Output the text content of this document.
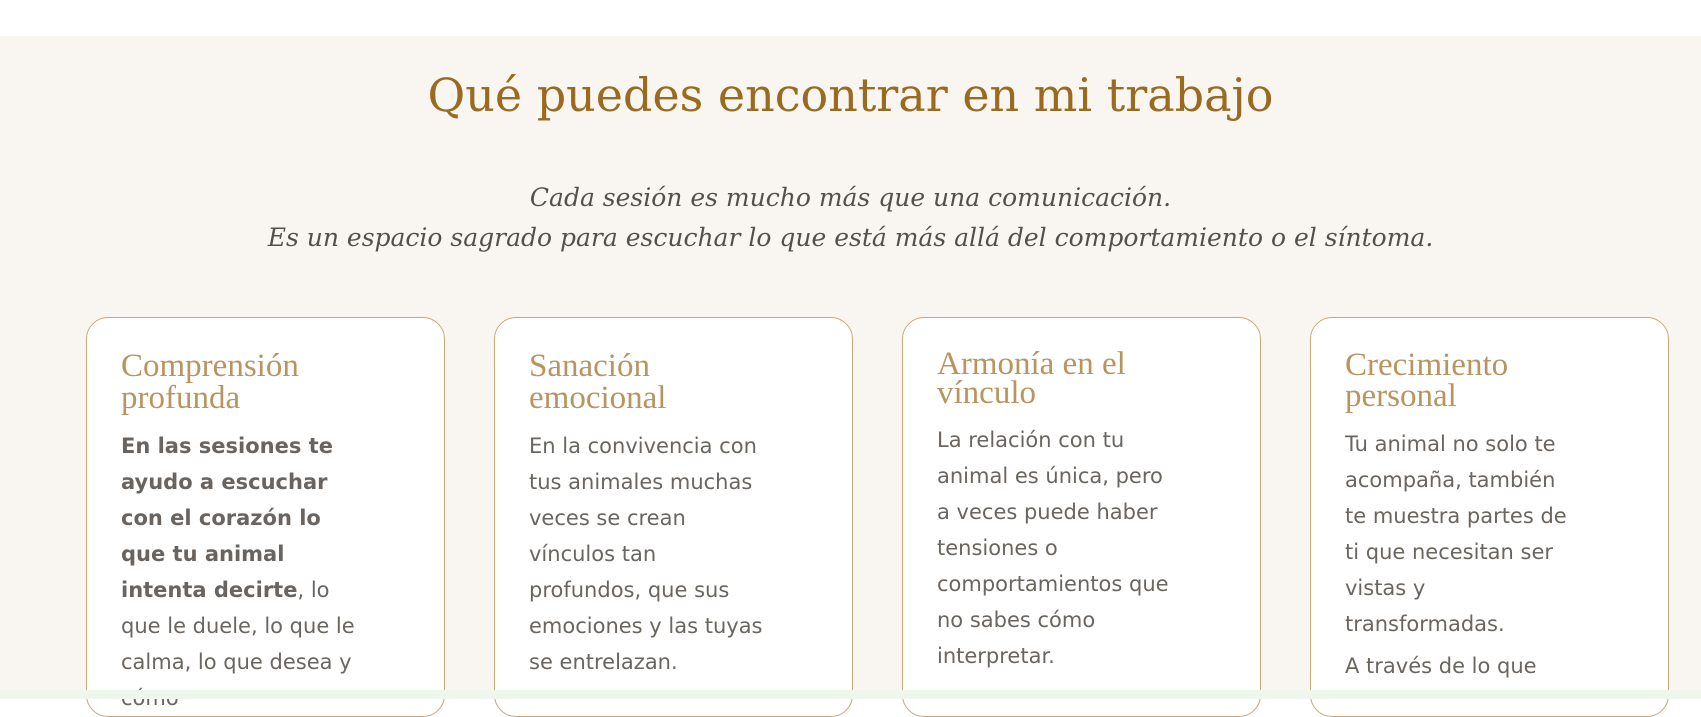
Qué puedes encontrar en mi trabajo
Cada sesión es mucho más que una comunicación.
Es un espacio sagrado para escuchar lo que está más allá del comportamiento o el síntoma.
Comprensión profunda

En las sesiones te ayudo a escuchar con el corazón lo que tu animal intenta decirte, lo que le duele, lo que le calma, lo que desea y

Sanación emocional

En la convivencia con tus animales muchas veces se crean vínculos tan profundos, que sus emociones y las tuyas se entrelazan.

Armonía en el vínculo

La relación con tu animal es única, pero a veces puede haber tensiones o comportamientos que no sabes cómo interpretar.

Crecimiento personal

Tu animal no solo te acompaña, también te muestra partes de ti que necesitan ser vistas y transformadas.

A través de lo que
